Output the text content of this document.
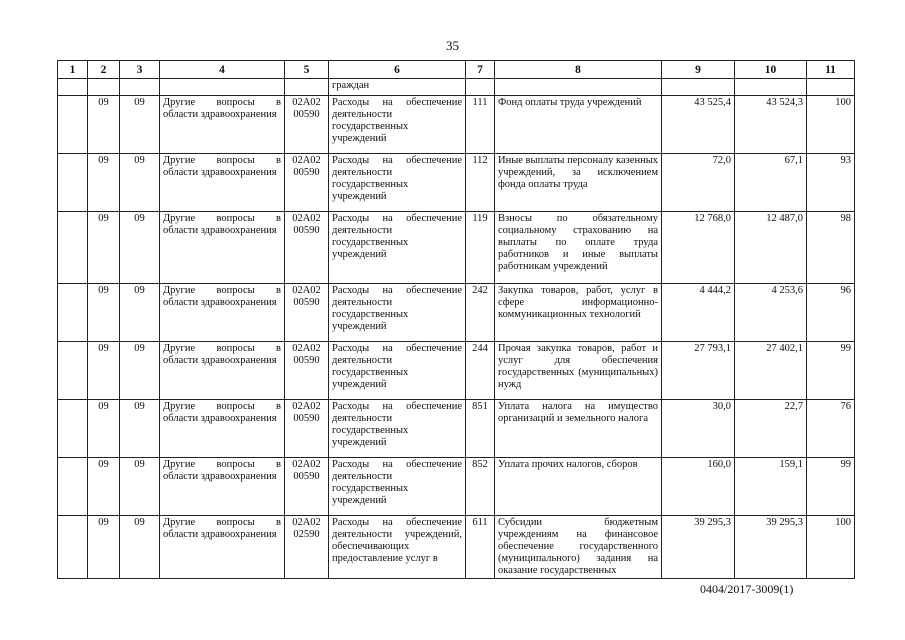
35
1	2	3	4	5	6	7	8	9	10	11
					граждан					
	09	09	Другие вопросы в области здравоохранения	02А02 00590	Расходы на обеспечение деятельности государственных учреждений	111	Фонд оплаты труда учреждений	43 525,4	43 524,3	100
	09	09	Другие вопросы в области здравоохранения	02А02 00590	Расходы на обеспечение деятельности государственных учреждений	112	Иные выплаты персоналу казенных учреждений, за исключением фонда оплаты труда	72,0	67,1	93
	09	09	Другие вопросы в области здравоохранения	02А02 00590	Расходы на обеспечение деятельности государственных учреждений	119	Взносы по обязательному социальному страхованию на выплаты по оплате труда работников и иные выплаты работникам учреждений	12 768,0	12 487,0	98
	09	09	Другие вопросы в области здравоохранения	02А02 00590	Расходы на обеспечение деятельности государственных учреждений	242	Закупка товаров, работ, услуг в сфере информационно-коммуникационных технологий	4 444,2	4 253,6	96
	09	09	Другие вопросы в области здравоохранения	02А02 00590	Расходы на обеспечение деятельности государственных учреждений	244	Прочая закупка товаров, работ и услуг для обеспечения государственных (муниципальных) нужд	27 793,1	27 402,1	99
	09	09	Другие вопросы в области здравоохранения	02А02 00590	Расходы на обеспечение деятельности государственных учреждений	851	Уплата налога на имущество организаций и земельного налога	30,0	22,7	76
	09	09	Другие вопросы в области здравоохранения	02А02 00590	Расходы на обеспечение деятельности государственных учреждений	852	Уплата прочих налогов, сборов	160,0	159,1	99
	09	09	Другие вопросы в области здравоохранения	02А02 02590	Расходы на обеспечение деятельности учреждений, обеспечивающих предоставление услуг в	611	Субсидии бюджетным учреждениям на финансовое обеспечение государственного (муниципального) задания на оказание государственных	39 295,3	39 295,3	100
0404/2017-3009(1)
